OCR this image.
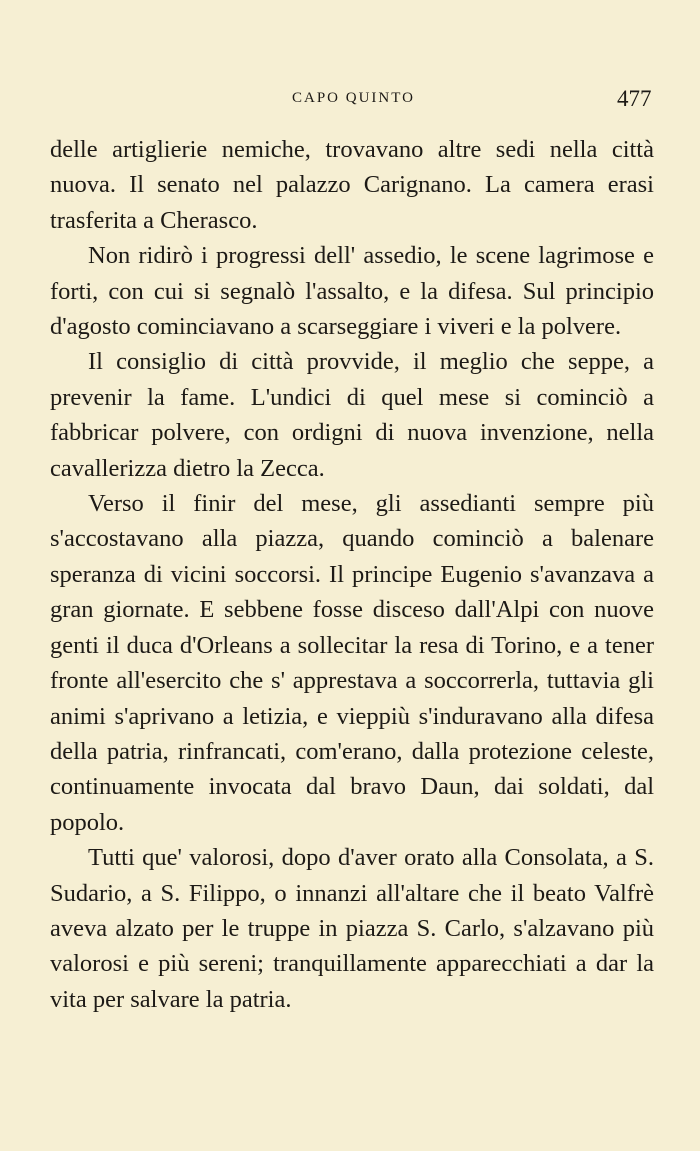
CAPO QUINTO	477

delle artiglierie nemiche, trovavano altre sedi nella città nuova. Il senato nel palazzo Carignano. La camera erasi trasferita a Cherasco.

Non ridirò i progressi dell' assedio, le scene lagrimose e forti, con cui si segnalò l'assalto, e la difesa. Sul principio d'agosto cominciavano a scarseggiare i viveri e la polvere.

Il consiglio di città provvide, il meglio che seppe, a prevenir la fame. L'undici di quel mese si cominciò a fabbricar polvere, con ordigni di nuova invenzione, nella cavallerizza dietro la Zecca.

Verso il finir del mese, gli assedianti sempre più s'accostavano alla piazza, quando cominciò a balenare speranza di vicini soccorsi. Il principe Eugenio s'avanzava a gran giornate. E sebbene fosse disceso dall'Alpi con nuove genti il duca d'Orleans a sollecitar la resa di Torino, e a tener fronte all'esercito che s' apprestava a soccorrerla, tuttavia gli animi s'aprivano a letizia, e vieppiù s'induravano alla difesa della patria, rinfrancati, com'erano, dalla protezione celeste, continuamente invocata dal bravo Daun, dai soldati, dal popolo.

Tutti que' valorosi, dopo d'aver orato alla Consolata, a S. Sudario, a S. Filippo, o innanzi all'altare che il beato Valfrè aveva alzato per le truppe in piazza S. Carlo, s'alzavano più valorosi e più sereni; tranquillamente apparecchiati a dar la vita per salvare la patria.
